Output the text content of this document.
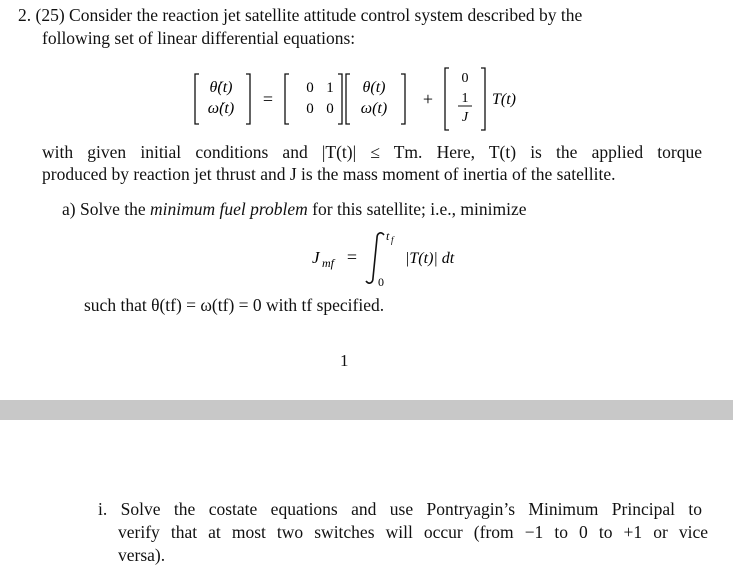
2. (25) Consider the reaction jet satellite attitude control system described by the
following set of linear differential equations:
θ̇(t)
ω̇(t) =
0 1
0 0
θ(t)
ω(t) +
0
1
J
T(t)
with given initial conditions and |T(t)| ≤ Tm. Here, T(t) is the applied torque
produced by reaction jet thrust and J is the mass moment of inertia of the satellite.
a) Solve the minimum fuel problem for this satellite; i.e., minimize
J mf =
t f
0
|T(t)| dt
such that θ(tf) = ω(tf) = 0 with tf specified.
1
i. Solve the costate equations and use Pontryagin’s Minimum Principal to
verify that at most two switches will occur (from −1 to 0 to +1 or vice
versa).
